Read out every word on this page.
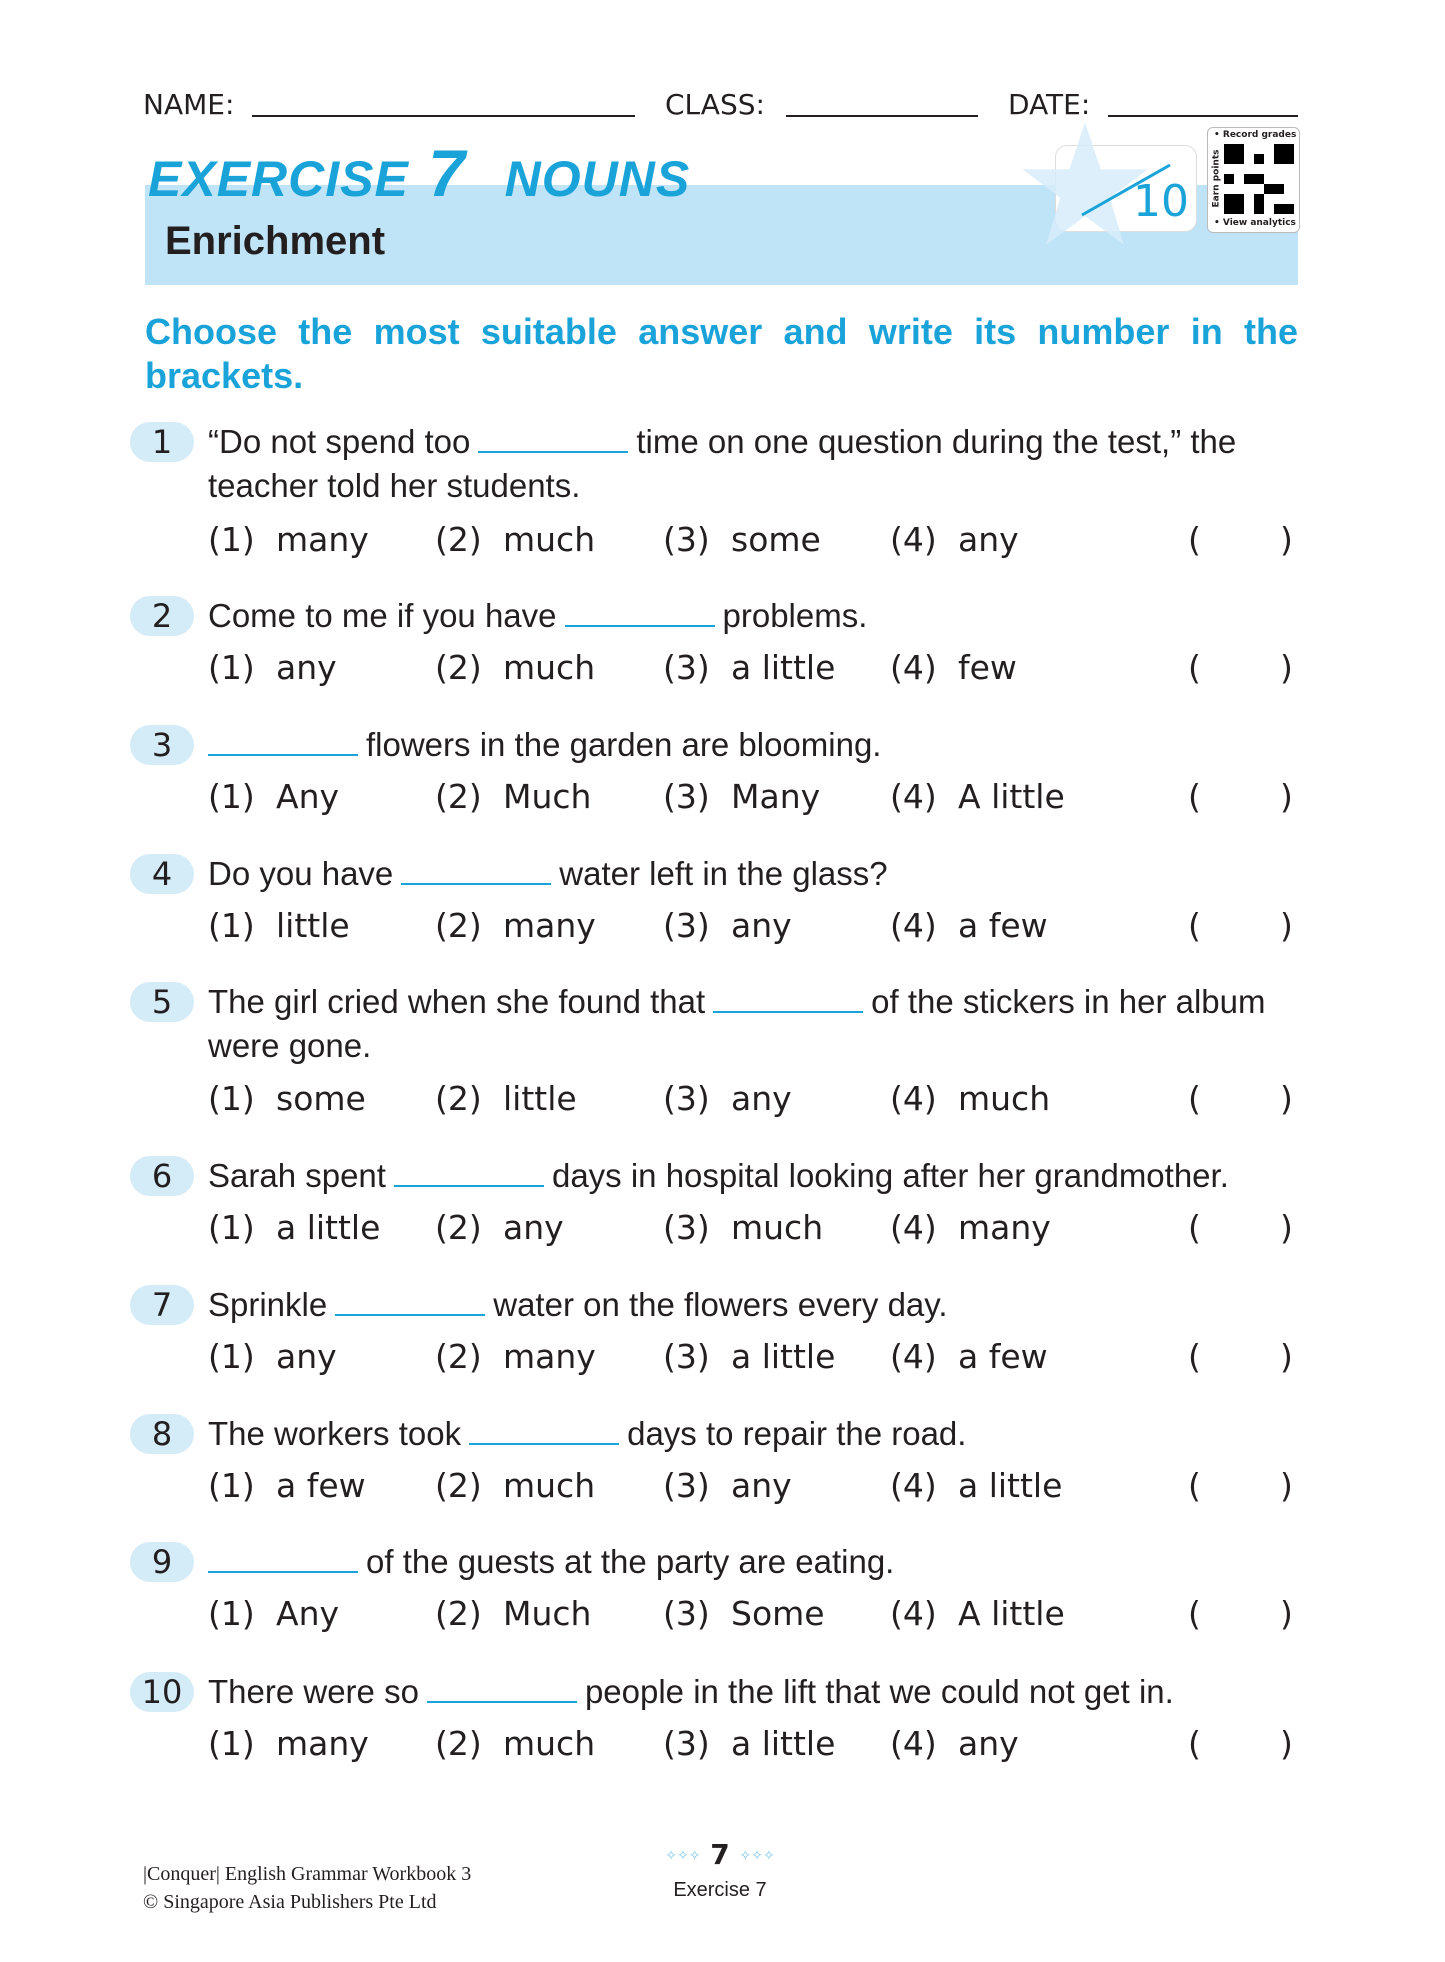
NAME:	CLASS:	DATE:
EXERCISE 7 NOUNS
Enrichment
10
• Record grades
Earn points
• View analytics
Choose the most suitable answer and write its number in the brackets.
1	“Do not spend too	time on one question during the test,” the teacher told her students.
(1) many (2) much (3) some (4) any	( )
2	Come to me if you have	problems.
(1) any	(2) much (3) a little (4) few	( )
3	flowers in the garden are blooming.
(1) Any	(2) Much (3) Many (4) A little	( )
4	Do you have	water left in the glass?
(1) little	(2) many (3) any	(4) a few	( )
5	The girl cried when she found that	of the stickers in her album were gone.
(1) some (2) little	(3) any	(4) much	( )
6	Sarah spent	days in hospital looking after her grandmother.
(1) a little (2) any	(3) much (4) many	( )
7	Sprinkle	water on the flowers every day.
(1) any	(2) many (3) a little (4) a few	( )
8	The workers took	days to repair the road.
(1) a few (2) much (3) any	(4) a little	( )
9	of the guests at the party are eating.
(1) Any	(2) Much (3) Some (4) A little	( )
10 There were so	people in the lift that we could not get in.
(1) many (2) much (3) a little (4) any	( )
|Conquer| English Grammar Workbook 3
© Singapore Asia Publishers Pte Ltd
✧✧✧ 7 ✧✧✧
Exercise 7
